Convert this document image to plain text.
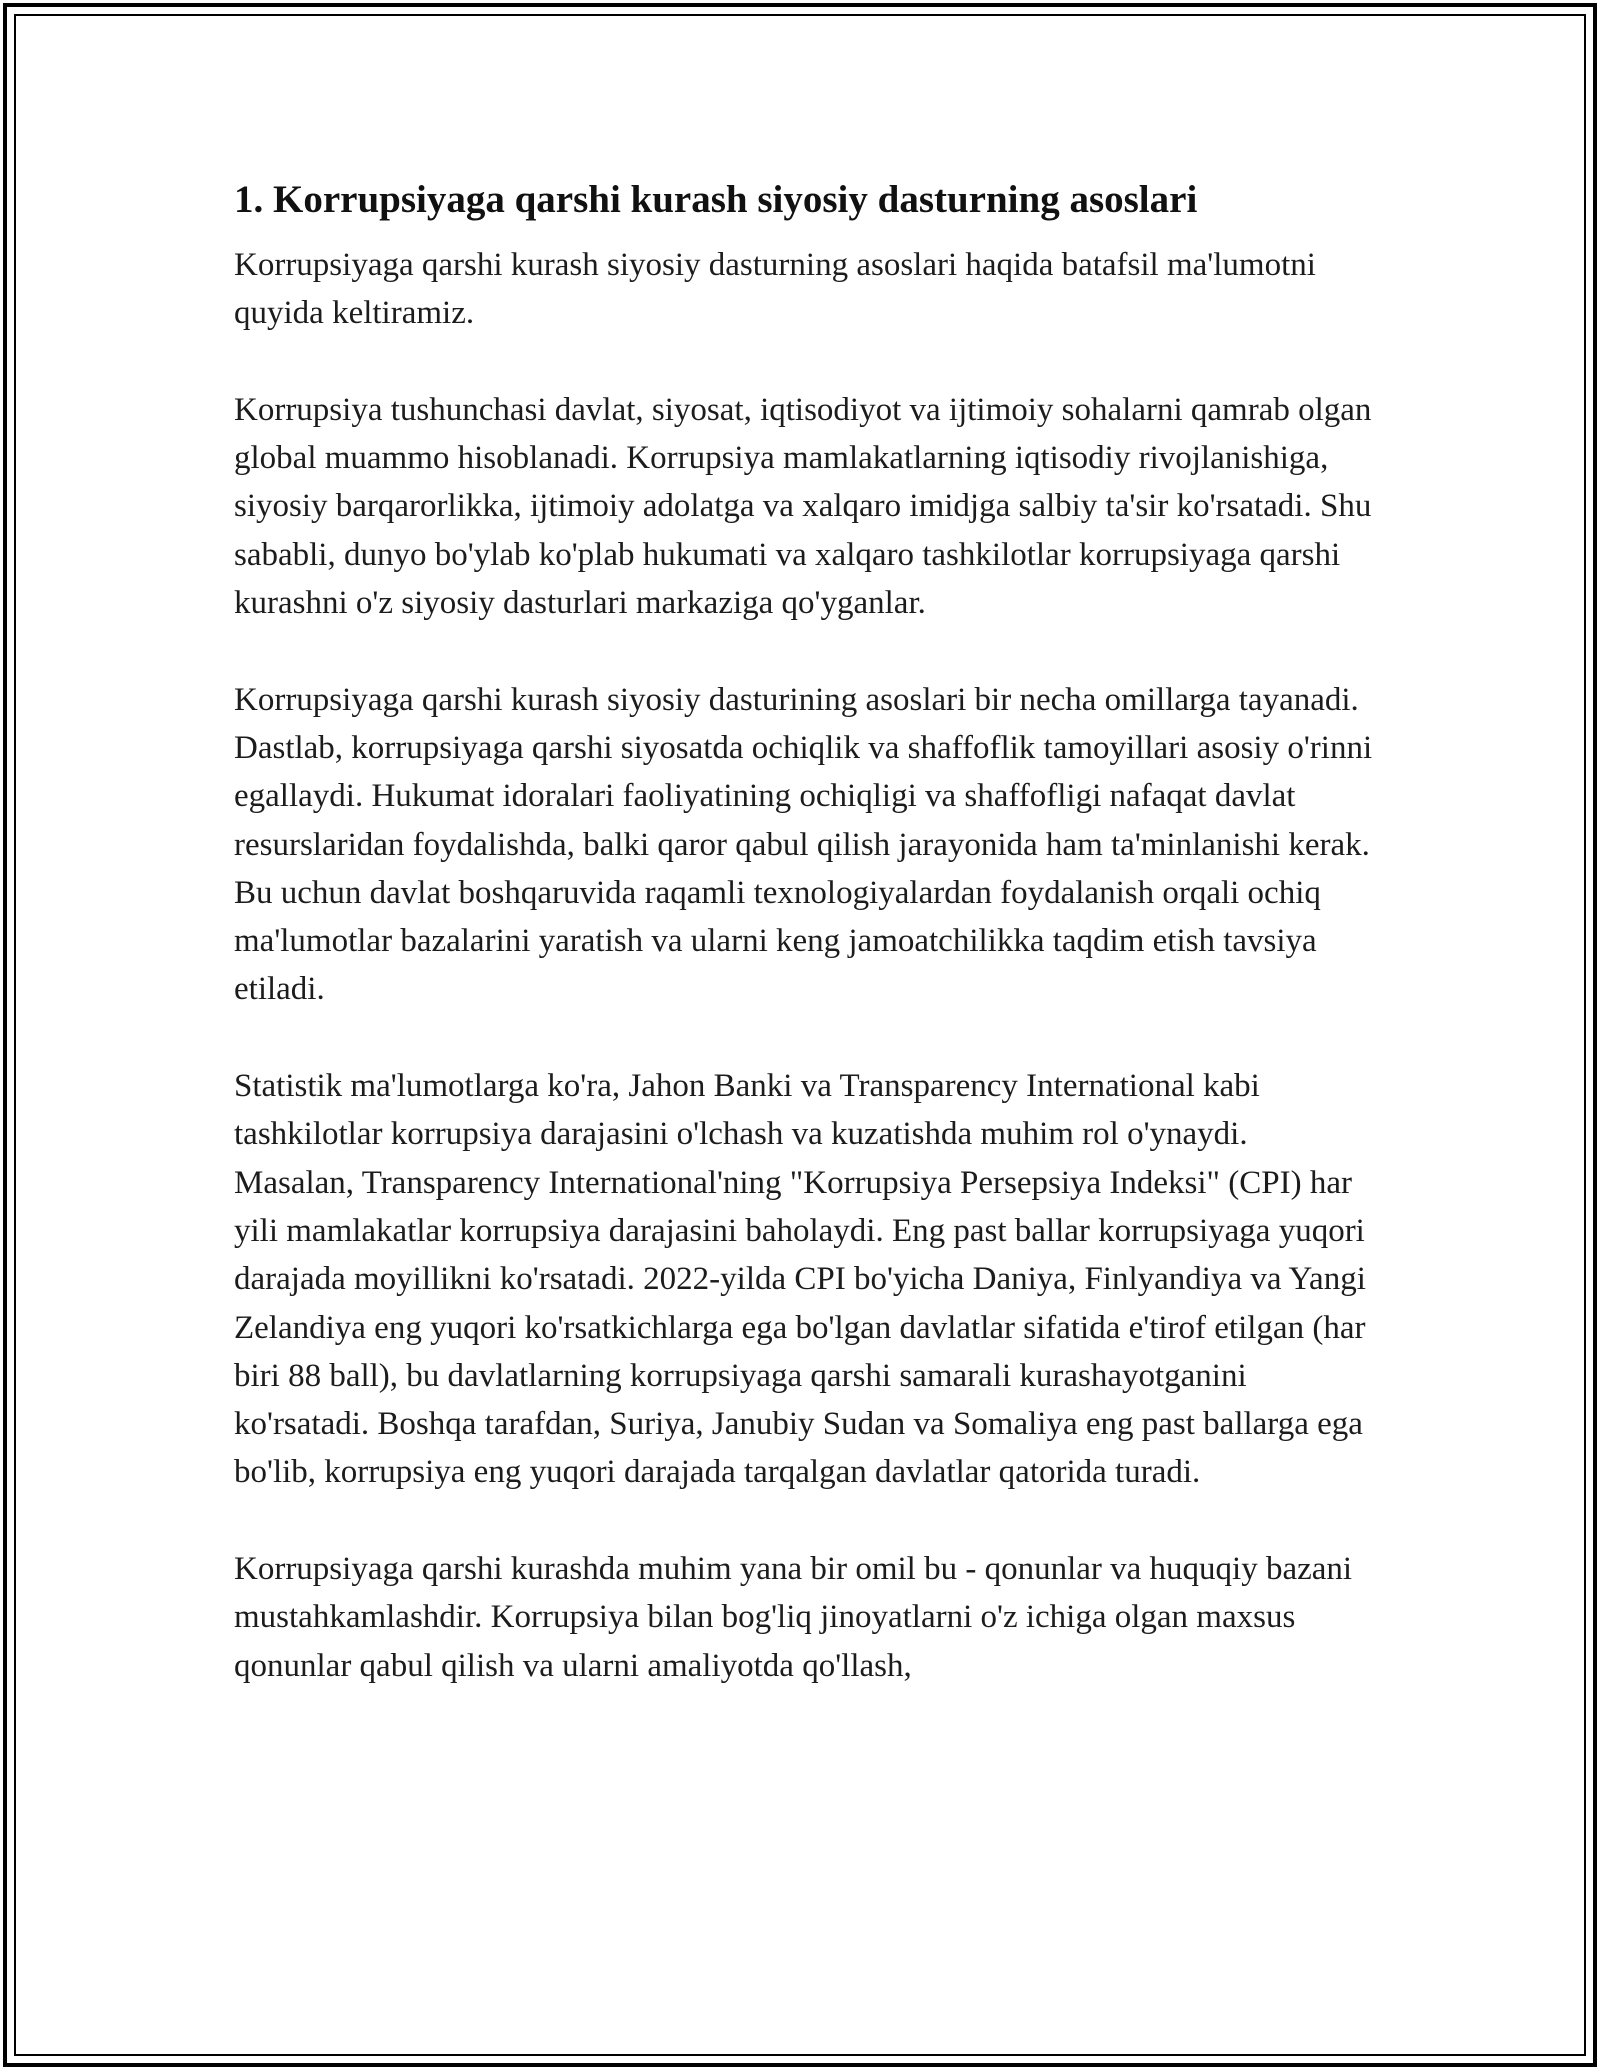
1. Korrupsiyaga qarshi kurash siyosiy dasturning asoslari

Korrupsiyaga qarshi kurash siyosiy dasturning asoslari haqida batafsil ma'lumotni quyida keltiramiz.

Korrupsiya tushunchasi davlat, siyosat, iqtisodiyot va ijtimoiy sohalarni qamrab olgan global muammo hisoblanadi. Korrupsiya mamlakatlarning iqtisodiy rivojlanishiga, siyosiy barqarorlikka, ijtimoiy adolatga va xalqaro imidjga salbiy ta'sir ko'rsatadi. Shu sababli, dunyo bo'ylab ko'plab hukumati va xalqaro tashkilotlar korrupsiyaga qarshi kurashni o'z siyosiy dasturlari markaziga qo'yganlar.

Korrupsiyaga qarshi kurash siyosiy dasturining asoslari bir necha omillarga tayanadi. Dastlab, korrupsiyaga qarshi siyosatda ochiqlik va shaffoflik tamoyillari asosiy o'rinni egallaydi. Hukumat idoralari faoliyatining ochiqligi va shaffofligi nafaqat davlat resurslaridan foydalishda, balki qaror qabul qilish jarayonida ham ta'minlanishi kerak. Bu uchun davlat boshqaruvida raqamli texnologiyalardan foydalanish orqali ochiq ma'lumotlar bazalarini yaratish va ularni keng jamoatchilikka taqdim etish tavsiya etiladi.

Statistik ma'lumotlarga ko'ra, Jahon Banki va Transparency International kabi tashkilotlar korrupsiya darajasini o'lchash va kuzatishda muhim rol o'ynaydi. Masalan, Transparency International'ning "Korrupsiya Persepsiya Indeksi" (CPI) har yili mamlakatlar korrupsiya darajasini baholaydi. Eng past ballar korrupsiyaga yuqori darajada moyillikni ko'rsatadi. 2022-yilda CPI bo'yicha Daniya, Finlyandiya va Yangi Zelandiya eng yuqori ko'rsatkichlarga ega bo'lgan davlatlar sifatida e'tirof etilgan (har biri 88 ball), bu davlatlarning korrupsiyaga qarshi samarali kurashayotganini ko'rsatadi. Boshqa tarafdan, Suriya, Janubiy Sudan va Somaliya eng past ballarga ega bo'lib, korrupsiya eng yuqori darajada tarqalgan davlatlar qatorida turadi.

Korrupsiyaga qarshi kurashda muhim yana bir omil bu - qonunlar va huquqiy bazani mustahkamlashdir. Korrupsiya bilan bog'liq jinoyatlarni o'z ichiga olgan maxsus qonunlar qabul qilish va ularni amaliyotda qo'llash,
